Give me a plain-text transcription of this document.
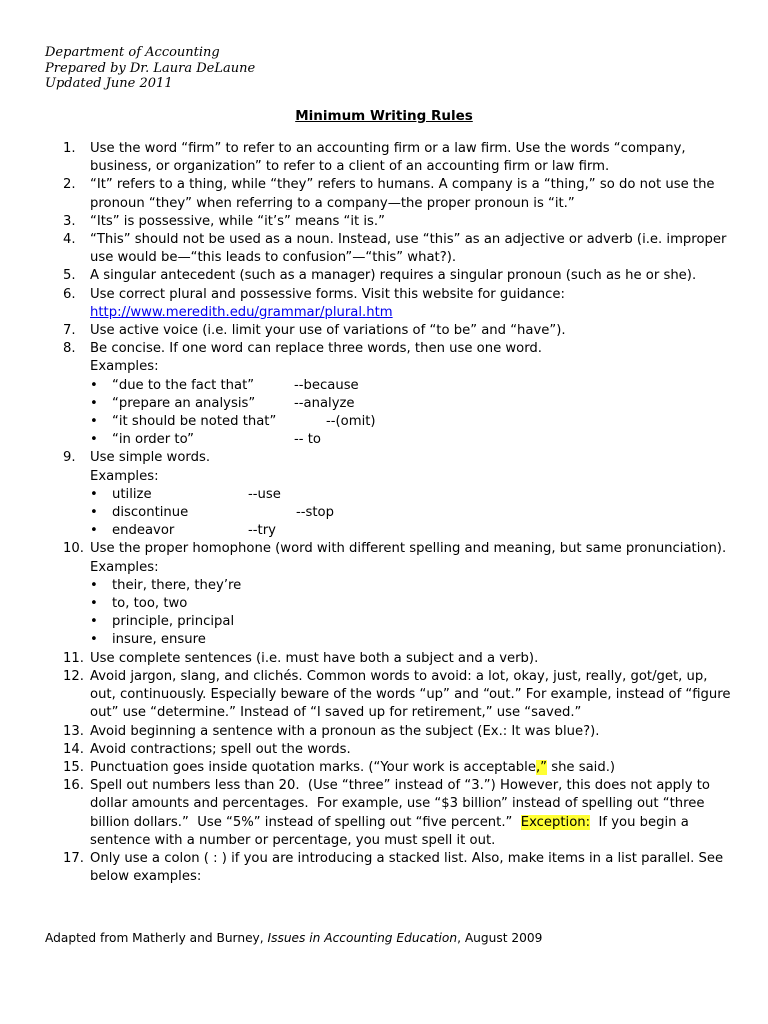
Department of Accounting
Prepared by Dr. Laura DeLaune
Updated June 2011
Minimum Writing Rules
1.	Use the word “firm” to refer to an accounting firm or a law firm. Use the words “company, business, or organization” to refer to a client of an accounting firm or law firm.
2.	“It” refers to a thing, while “they” refers to humans. A company is a “thing,” so do not use the pronoun “they” when referring to a company—the proper pronoun is “it.”
3.	“Its” is possessive, while “it’s” means “it is.”
4.	“This” should not be used as a noun. Instead, use “this” as an adjective or adverb (i.e. improper use would be—“this leads to confusion”—“this” what?).
5.	A singular antecedent (such as a manager) requires a singular pronoun (such as he or she).
6.	Use correct plural and possessive forms. Visit this website for guidance:
http://www.meredith.edu/grammar/plural.htm
7.	Use active voice (i.e. limit your use of variations of “to be” and “have”).
8.	Be concise. If one word can replace three words, then use one word.
Examples:
•	“due to the fact that”	--because
•	“prepare an analysis”	--analyze
•	“it should be noted that”	--(omit)
•	“in order to”	-- to
9.	Use simple words.
Examples:
•	utilize	--use
•	discontinue	--stop
•	endeavor	--try
10. Use the proper homophone (word with different spelling and meaning, but same pronunciation).
Examples:
•	their, there, they’re
•	to, too, two
•	principle, principal
•	insure, ensure
11. Use complete sentences (i.e. must have both a subject and a verb).
12. Avoid jargon, slang, and clichés. Common words to avoid: a lot, okay, just, really, got/get, up, out, continuously. Especially beware of the words “up” and “out.” For example, instead of “figure out” use “determine.” Instead of “I saved up for retirement,” use “saved.”
13. Avoid beginning a sentence with a pronoun as the subject (Ex.: It was blue?).
14. Avoid contractions; spell out the words.
15. Punctuation goes inside quotation marks. (“Your work is acceptable,” she said.)
16. Spell out numbers less than 20.  (Use “three” instead of “3.”) However, this does not apply to dollar amounts and percentages.  For example, use “$3 billion” instead of spelling out “three billion dollars.”  Use “5%” instead of spelling out “five percent.”  Exception:  If you begin a sentence with a number or percentage, you must spell it out.
17. Only use a colon ( : ) if you are introducing a stacked list. Also, make items in a list parallel. See below examples:
Adapted from Matherly and Burney, Issues in Accounting Education, August 2009
